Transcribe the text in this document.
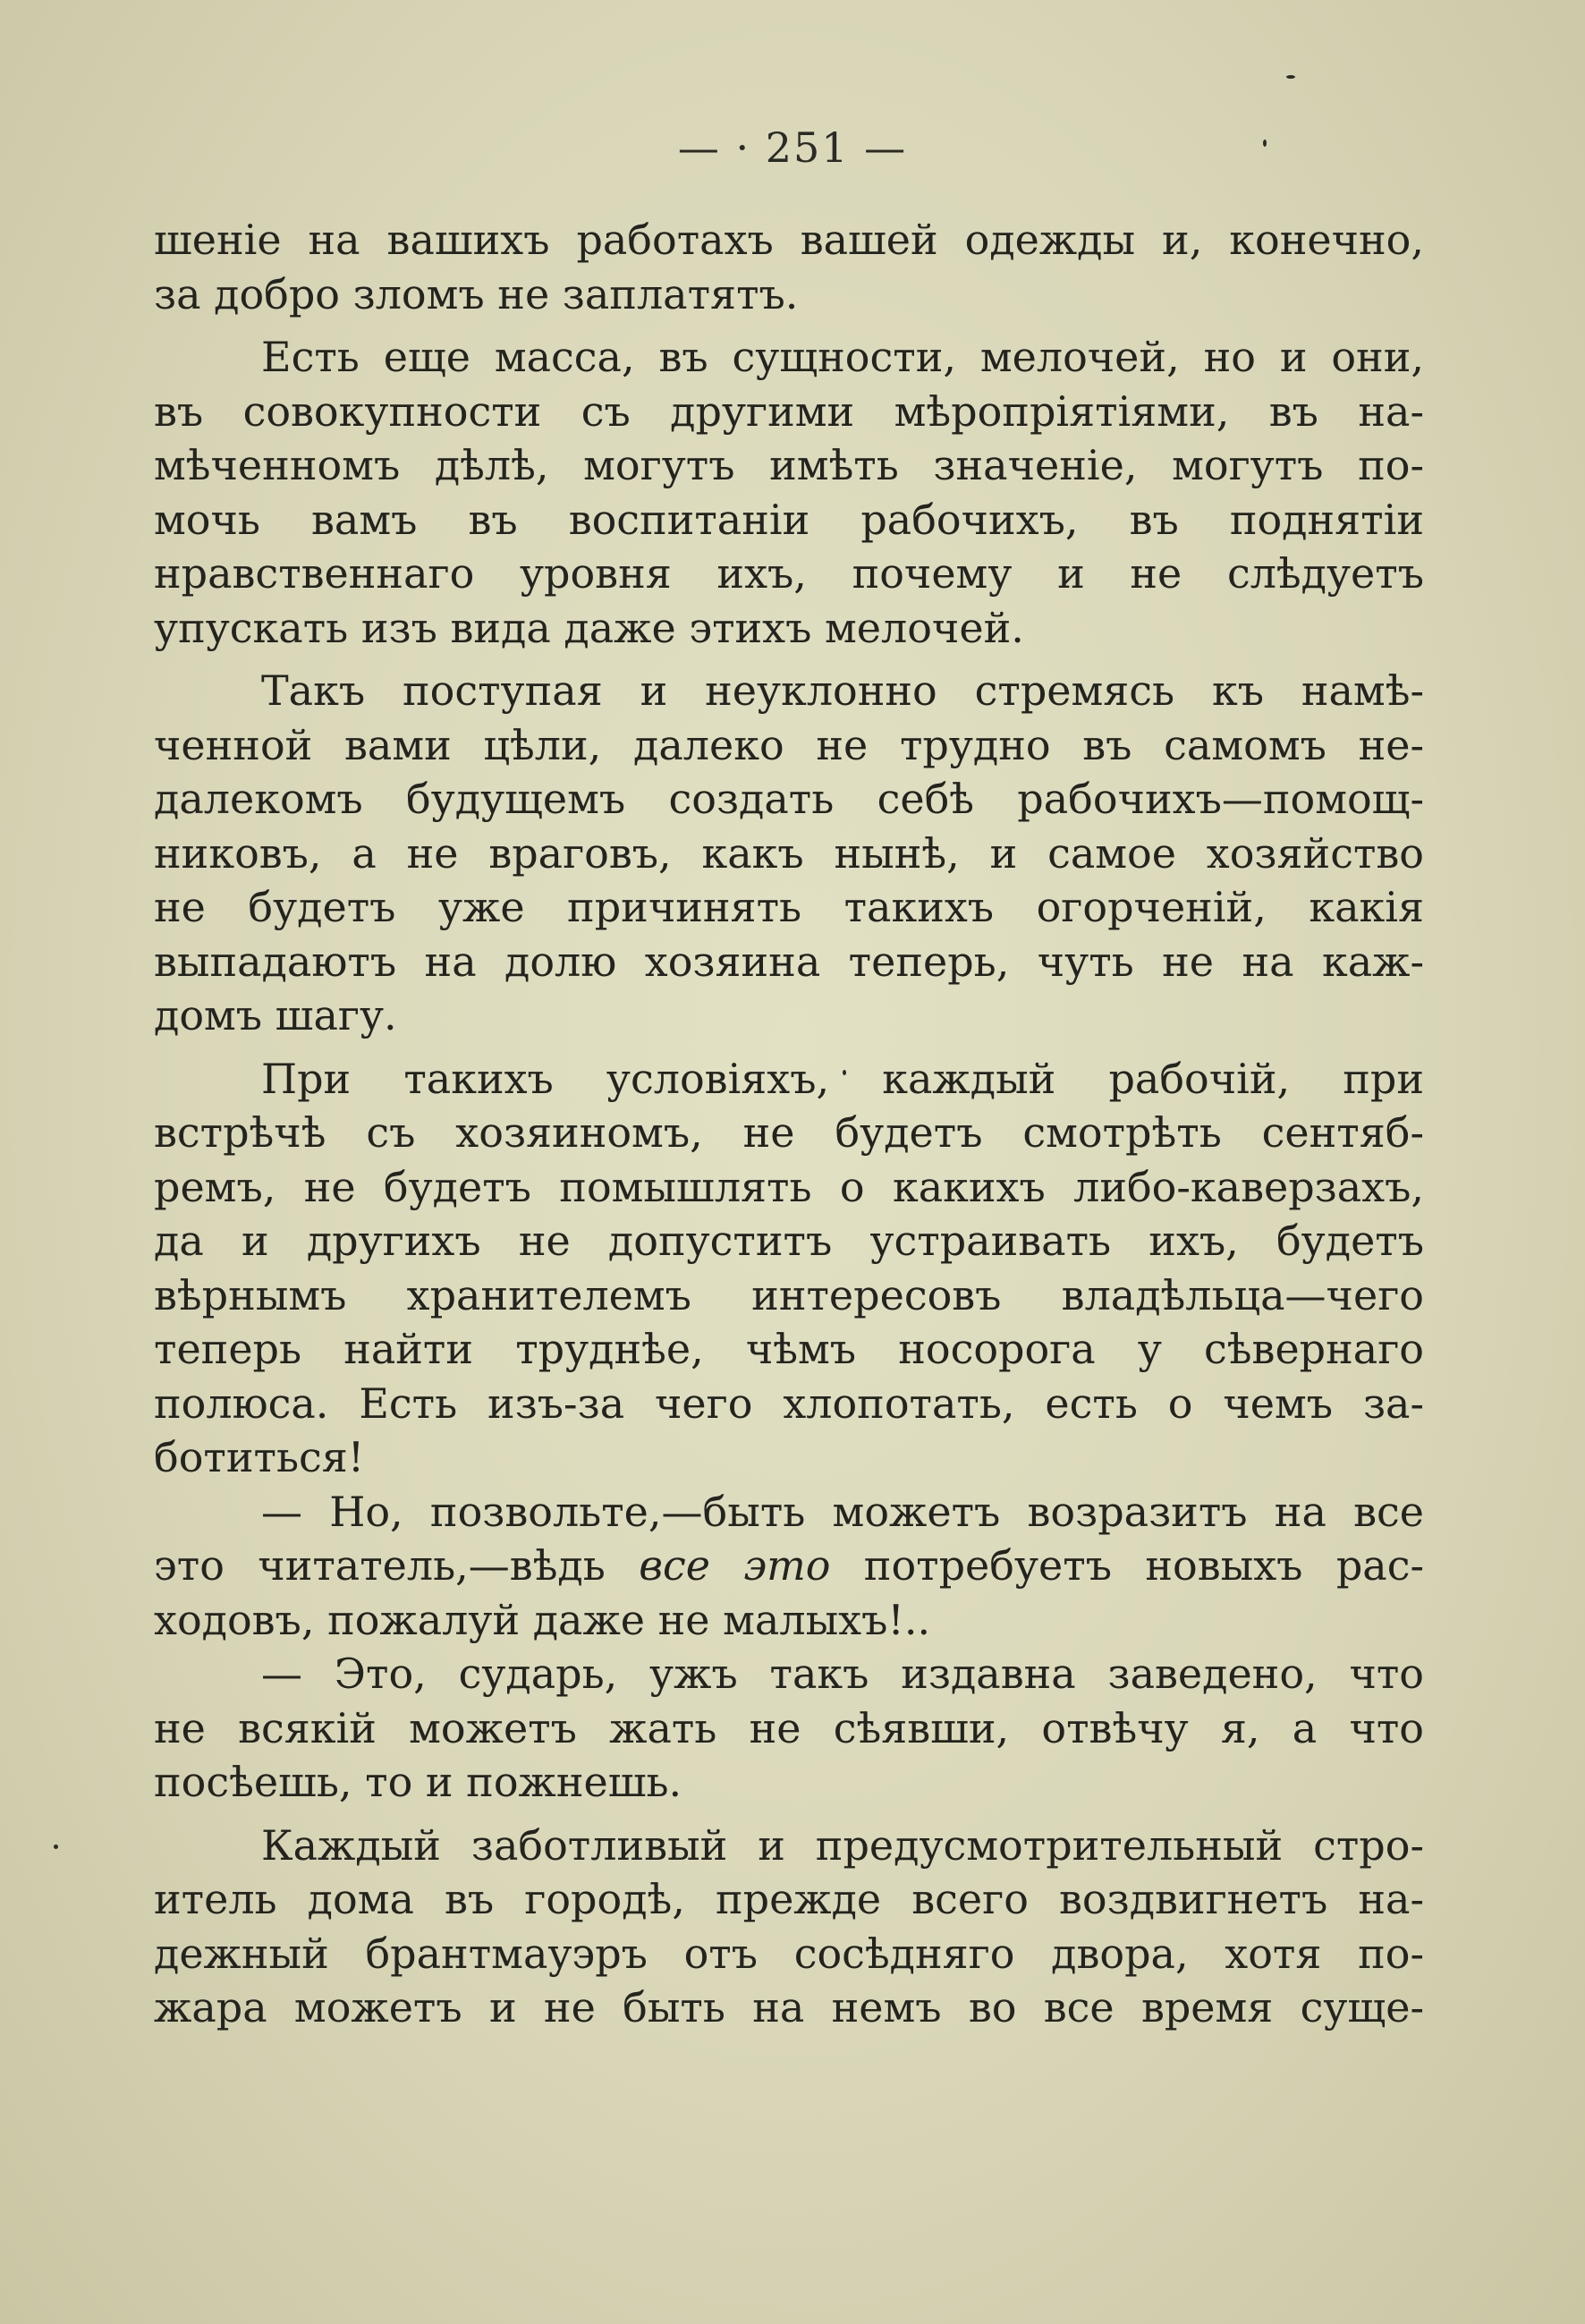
— · 251 —
шеніе на вашихъ работахъ вашей одежды и, конечно,
за добро зломъ не заплатятъ.
Есть еще масса, въ сущности, мелочей, но и они,
въ совокупности съ другими мѣропріятіями, въ на-
мѣченномъ дѣлѣ, могутъ имѣть значеніе, могутъ по-
мочь вамъ въ воспитаніи рабочихъ, въ поднятіи
нравственнаго уровня ихъ, почему и не слѣдуетъ
упускать изъ вида даже этихъ мелочей.
Такъ поступая и неуклонно стремясь къ намѣ-
ченной вами цѣли, далеко не трудно въ самомъ не-
далекомъ будущемъ создать себѣ рабочихъ—помощ-
никовъ, а не враговъ, какъ нынѣ, и самое хозяйство
не будетъ уже причинять такихъ огорченій, какія
выпадаютъ на долю хозяина теперь, чуть не на каж-
домъ шагу.
При такихъ условіяхъ, каждый рабочій, при
встрѣчѣ съ хозяиномъ, не будетъ смотрѣть сентяб-
ремъ, не будетъ помышлять о какихъ либо-каверзахъ,
да и другихъ не допуститъ устраивать ихъ, будетъ
вѣрнымъ хранителемъ интересовъ владѣльца—чего
теперь найти труднѣе, чѣмъ носорога у сѣвернаго
полюса. Есть изъ-за чего хлопотать, есть о чемъ за-
ботиться!
— Но, позвольте,—быть можетъ возразитъ на все
это читатель,—вѣдь все это потребуетъ новыхъ рас-
ходовъ, пожалуй даже не малыхъ!..
— Это, сударь, ужъ такъ издавна заведено, что
не всякій можетъ жать не сѣявши, отвѣчу я, а что
посѣешь, то и пожнешь.
Каждый заботливый и предусмотрительный стро-
итель дома въ городѣ, прежде всего воздвигнетъ на-
дежный брантмауэръ отъ сосѣдняго двора, хотя по-
жара можетъ и не быть на немъ во все время суще-
